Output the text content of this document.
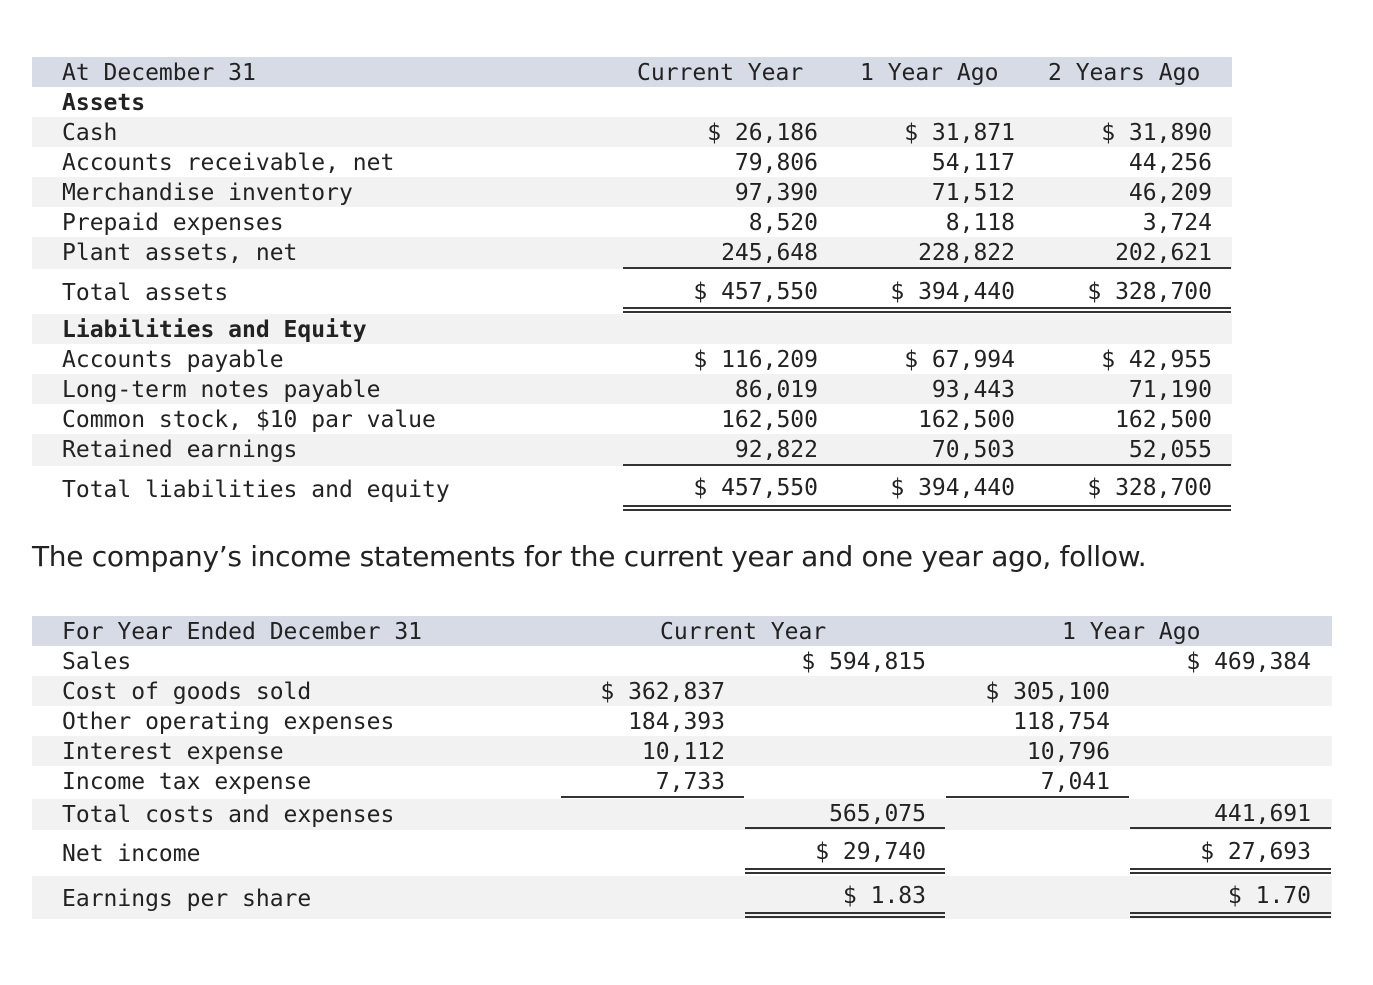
At December 31	Current Year 1 Year Ago 2 Years Ago
Assets
Cash	$ 26,186	$ 31,871	$ 31,890
Accounts receivable, net	79,806	54,117	44,256
Merchandise inventory	97,390	71,512	46,209
Prepaid expenses	8,520	8,118	3,724
Plant assets, net	245,648	228,822	202,621
Total assets	$ 457,550	$ 394,440	$ 328,700
Liabilities and Equity
Accounts payable	$ 116,209	$ 67,994	$ 42,955
Long-term notes payable	86,019	93,443	71,190
Common stock, $10 par value	162,500	162,500	162,500
Retained earnings	92,822	70,503	52,055
Total liabilities and equity	$ 457,550	$ 394,440	$ 328,700
The company’s income statements for the current year and one year ago, follow.
For Year Ended December 31	Current Year	1 Year Ago
Sales	$ 594,815	$ 469,384
Cost of goods sold	$ 362,837	$ 305,100
Other operating expenses	184,393	118,754
Interest expense	10,112	10,796
Income tax expense	7,733	7,041
Total costs and expenses	565,075	441,691
Net income	$ 29,740	$ 27,693
Earnings per share	$ 1.83	$ 1.70
